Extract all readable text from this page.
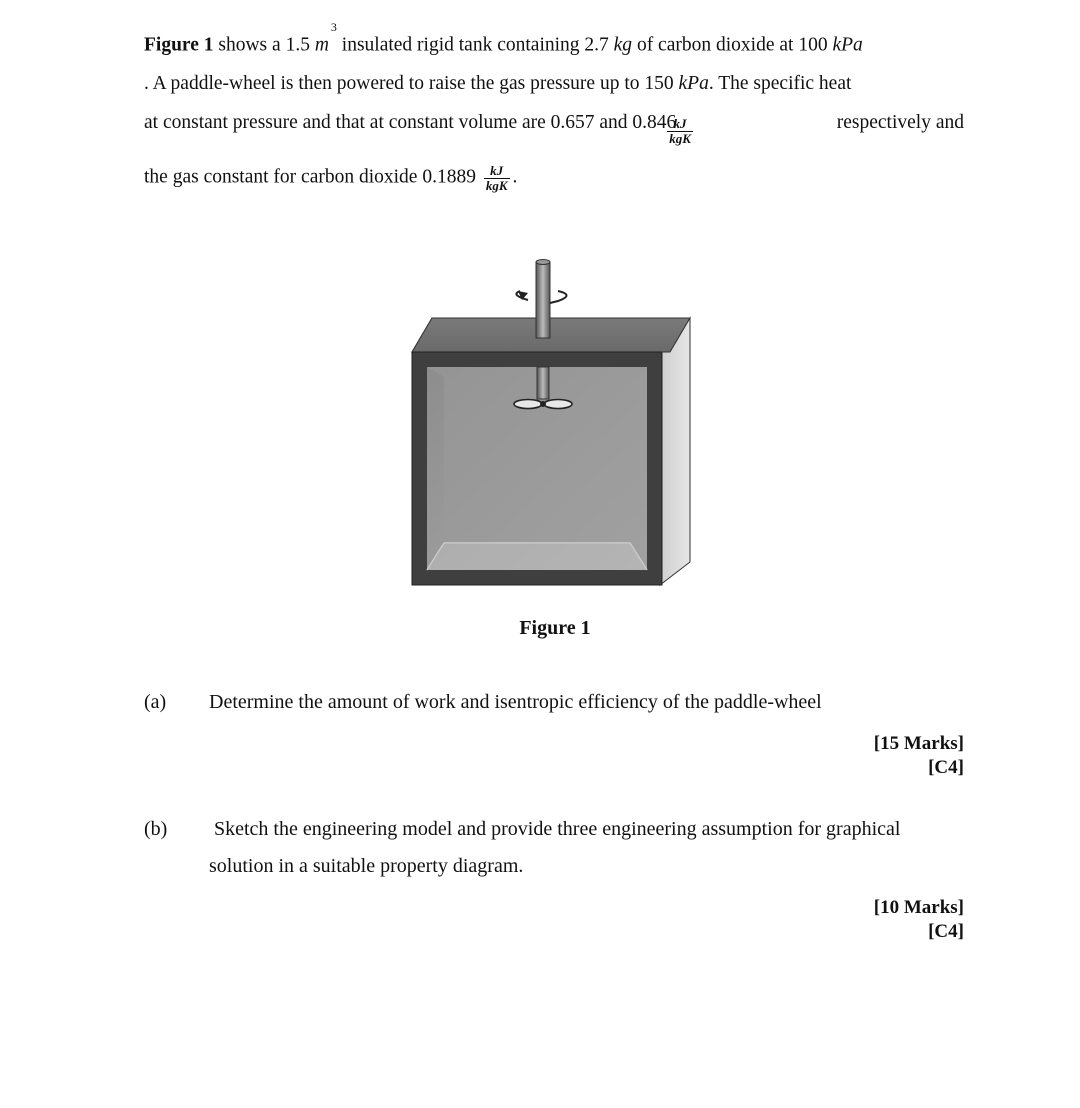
Figure 1 shows a 1.5 $m^3$ insulated rigid tank containing 2.7 kg of carbon dioxide at 100 kPa
. A paddle-wheel is then powered to raise the gas pressure up to 150 kPa. The specific heat
at constant pressure and that at constant volume are 0.657 and 0.846
$\frac{kJ}{\text{kgK}}$	respectively and
the gas constant for carbon dioxide $0.1889 \frac{kJ}{\text{kgK}}$ .
Figure 1
(a) Determine the amount of work and isentropic efficiency of the paddle-wheel
[15 Marks]
[C4]
(b) Sketch the engineering model and provide three engineering assumption for graphical
solution in a suitable property diagram.
[10 Marks]
[C4]
